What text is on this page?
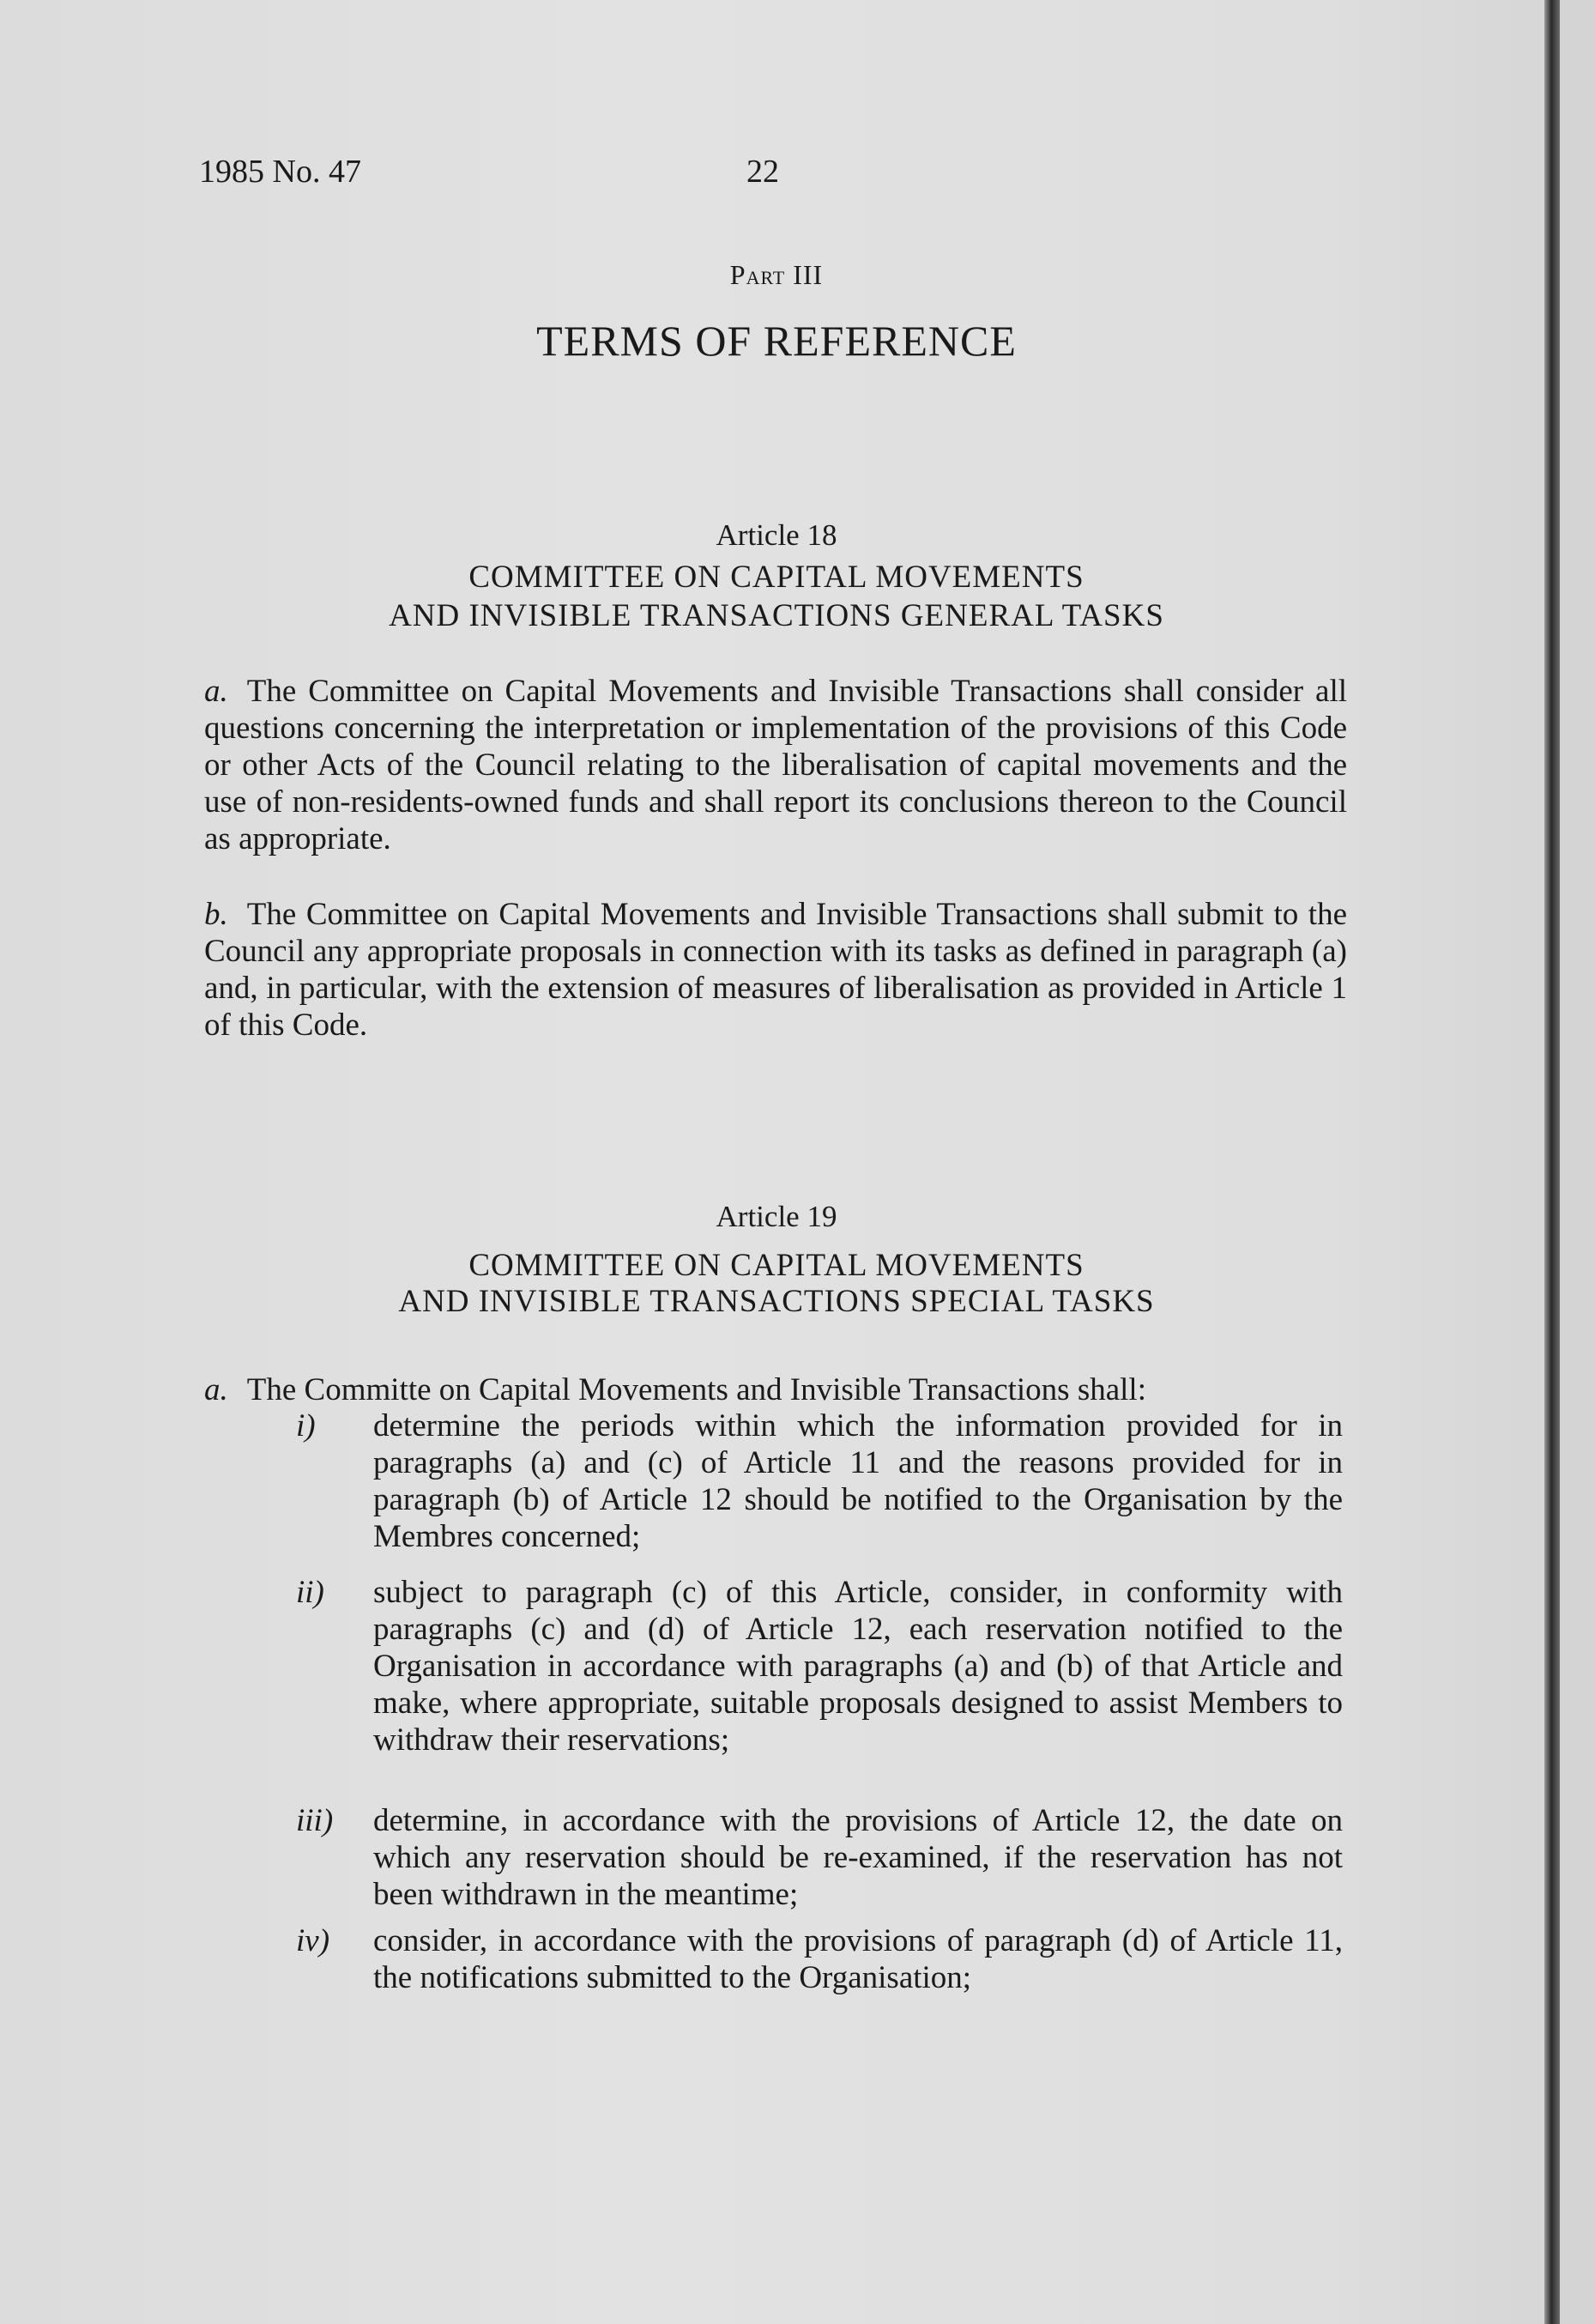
1985 No. 47	22
Part III
TERMS OF REFERENCE
Article 18
COMMITTEE ON CAPITAL MOVEMENTS
AND INVISIBLE TRANSACTIONS GENERAL TASKS
a. The Committee on Capital Movements and Invisible Transactions shall consider all questions concerning the interpretation or implementation of the provisions of this Code or other Acts of the Council relating to the liberalisation of capital movements and the use of non-residents-owned funds and shall report its conclusions thereon to the Council as appropriate.
b. The Committee on Capital Movements and Invisible Transactions shall submit to the Council any appropriate proposals in connection with its tasks as defined in paragraph (a) and, in particular, with the extension of measures of liberalisation as provided in Article 1 of this Code.
Article 19
COMMITTEE ON CAPITAL MOVEMENTS
AND INVISIBLE TRANSACTIONS SPECIAL TASKS
a. The Committe on Capital Movements and Invisible Transactions shall:
i)	determine the periods within which the information provided for in paragraphs (a) and (c) of Article 11 and the reasons provided for in paragraph (b) of Article 12 should be notified to the Organisation by the Membres concerned;
ii)	subject to paragraph (c) of this Article, consider, in conformity with paragraphs (c) and (d) of Article 12, each reservation notified to the Organisation in accordance with paragraphs (a) and (b) of that Article and make, where appropriate, suitable proposals designed to assist Members to withdraw their reservations;
iii)	determine, in accordance with the provisions of Article 12, the date on which any reservation should be re-examined, if the reservation has not been withdrawn in the meantime;
iv)	consider, in accordance with the provisions of paragraph (d) of Article 11, the notifications submitted to the Organisation;
